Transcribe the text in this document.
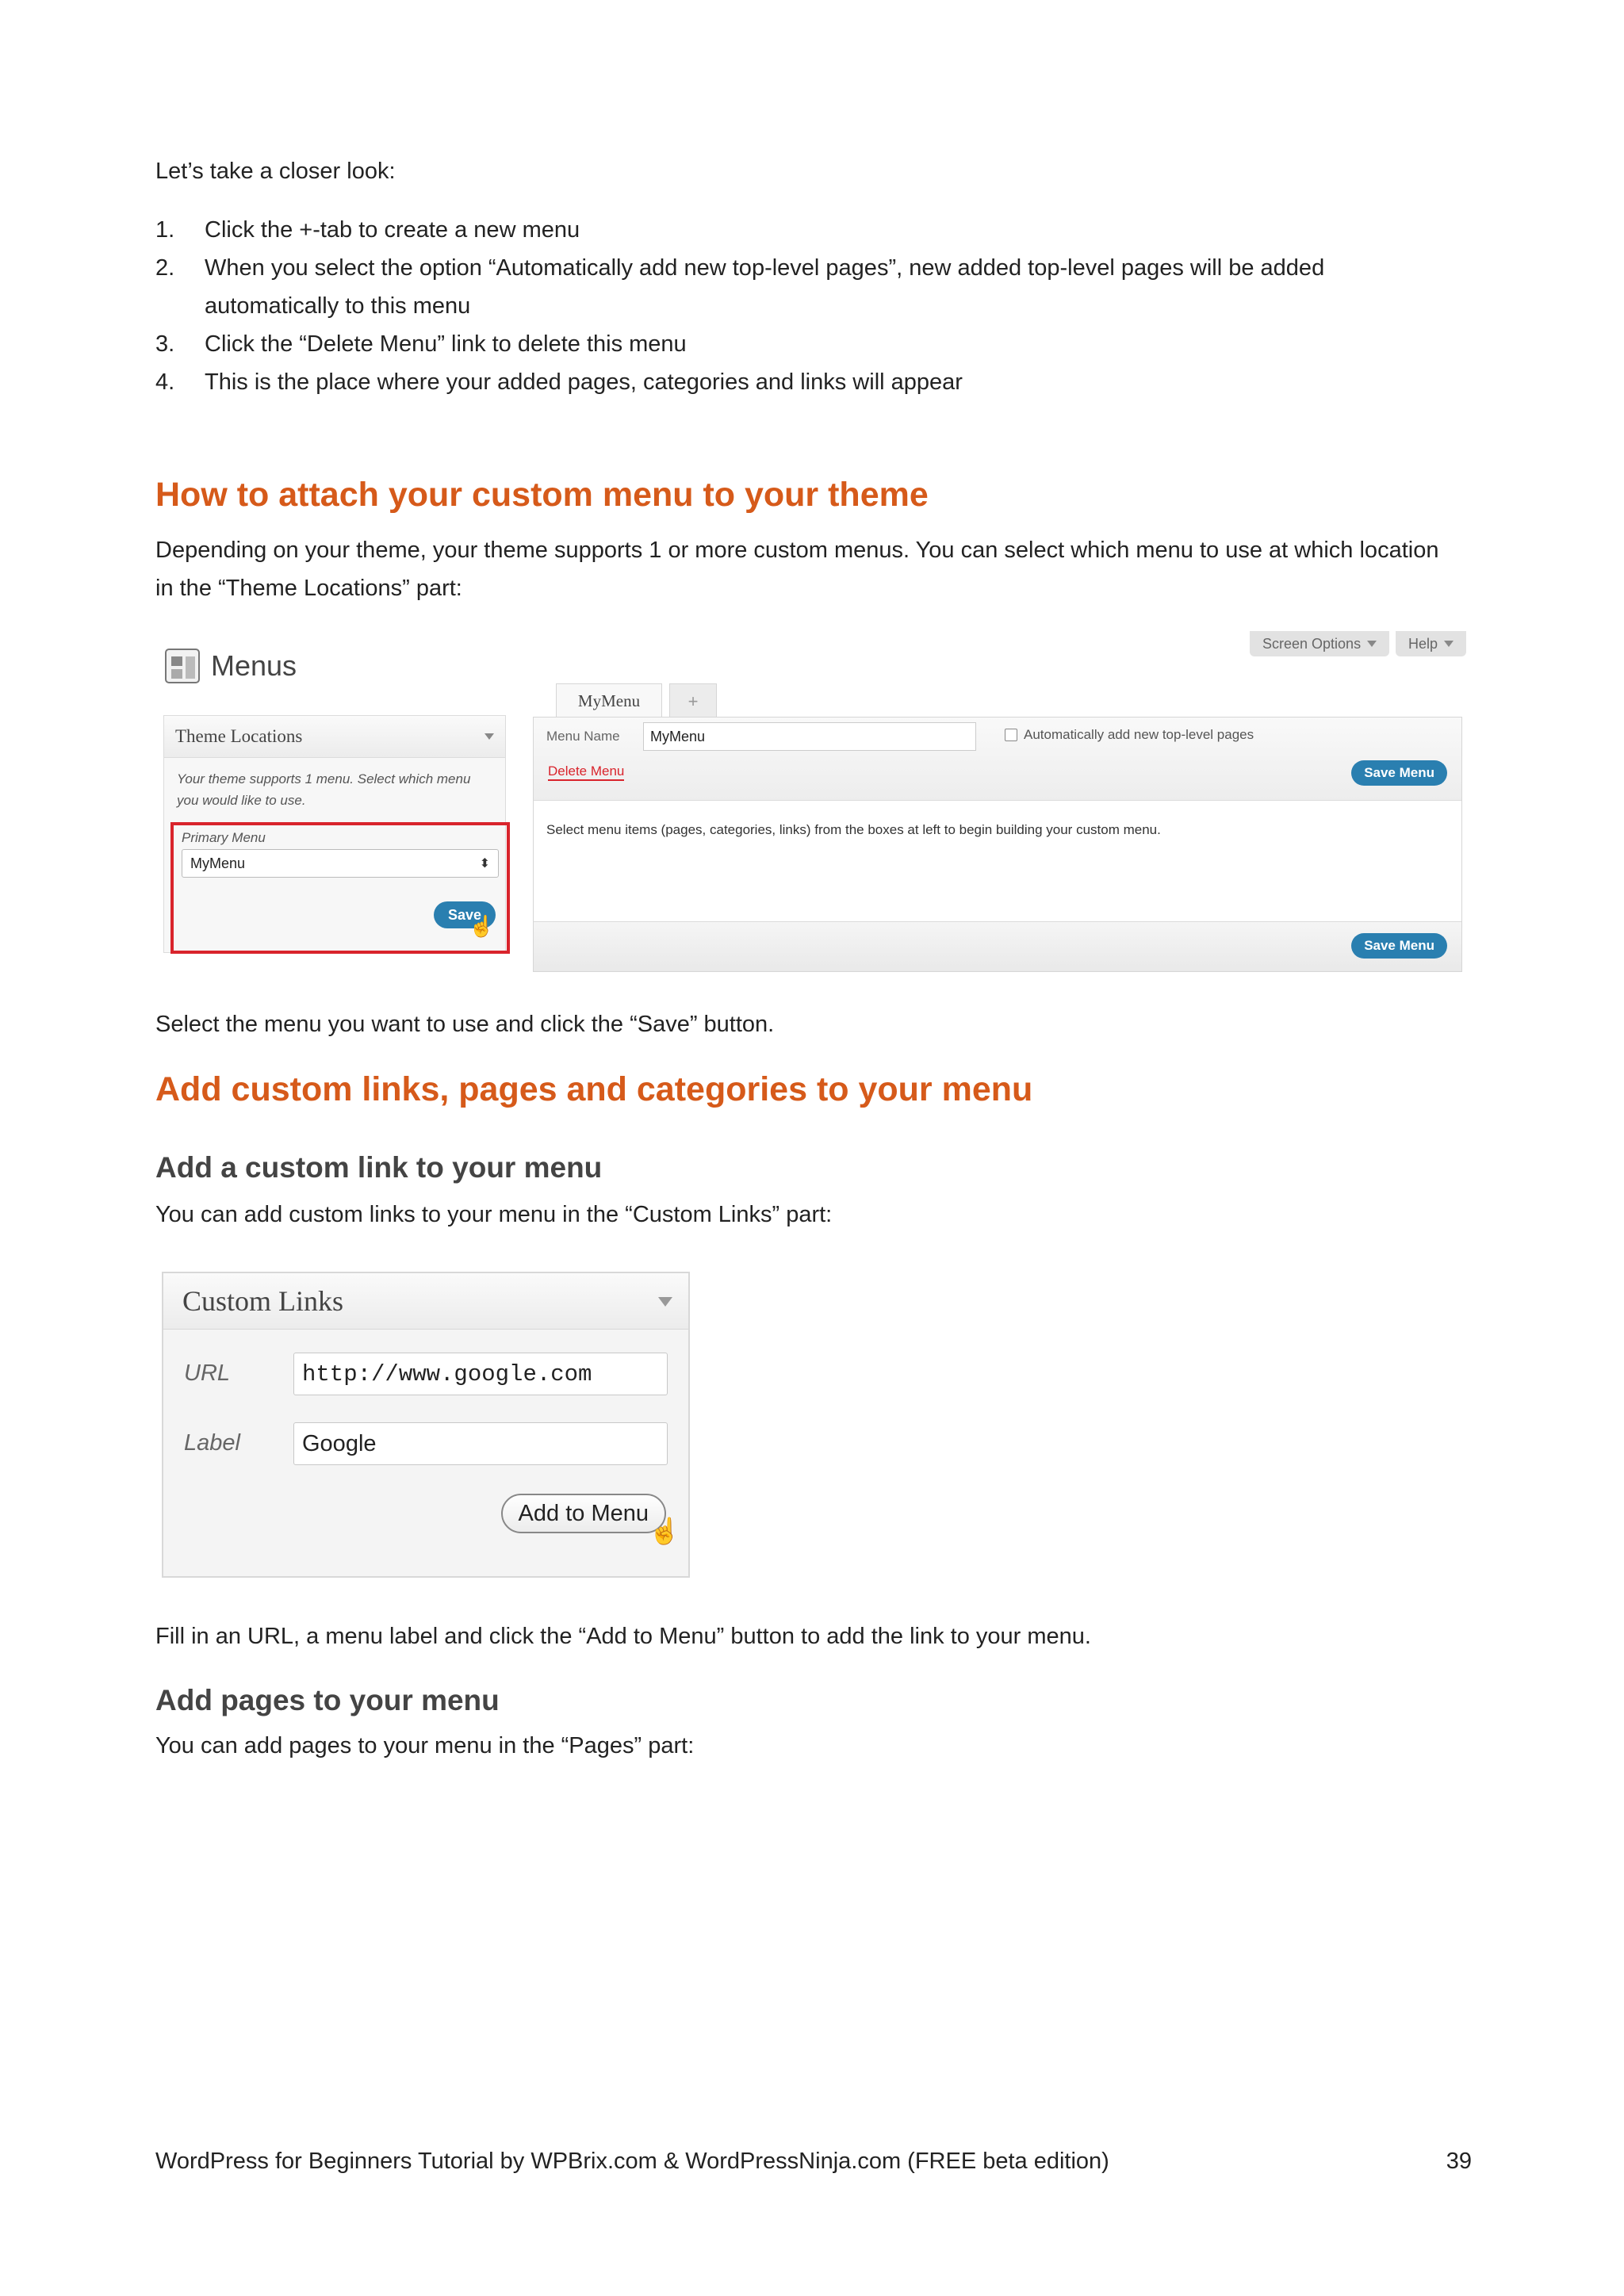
Let’s take a closer look:

1. Click the +-tab to create a new menu
2. When you select the option “Automatically add new top-level pages”, new added top-level pages will be added automatically to this menu
3. Click the “Delete Menu” link to delete this menu
4. This is the place where your added pages, categories and links will appear
How to attach your custom menu to your theme

Depending on your theme, your theme supports 1 or more custom menus. You can select which menu to use at which location in the “Theme Locations” part:

Menus
Screen Options	Help
Theme Locations
Your theme supports 1 menu. Select which menu you would like to use.
Primary Menu
MyMenu	⬍
Save
☝
MyMenu	+
Menu Name	MyMenu	Automatically add new top-level pages
Delete Menu	Save Menu
Select menu items (pages, categories, links) from the boxes at left to begin building your custom menu.
Save Menu

Select the menu you want to use and click the “Save” button.

Add custom links, pages and categories to your menu
Add a custom link to your menu

You can add custom links to your menu in the “Custom Links” part:

Custom Links
URL	http://www.google.com
Label	Google
Add to Menu
☝

Fill in an URL, a menu label and click the “Add to Menu” button to add the link to your menu.

Add pages to your menu

You can add pages to your menu in the “Pages” part:

WordPress for Beginners Tutorial by WPBrix.com & WordPressNinja.com (FREE beta edition)	39
